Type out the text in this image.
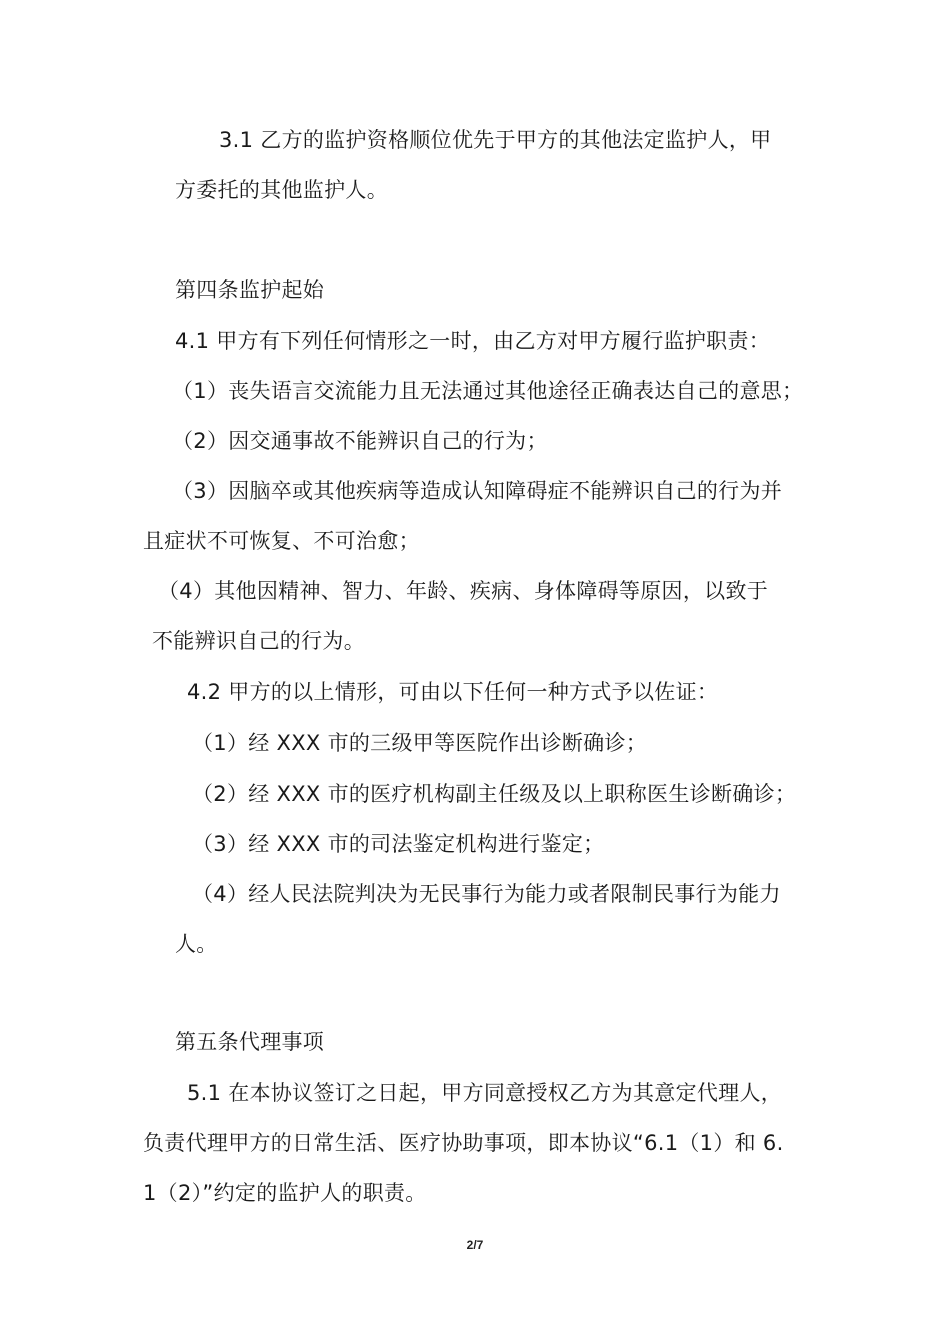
3.1 乙方的监护资格顺位优先于甲方的其他法定监护人，甲
方委托的其他监护人。
第四条监护起始
4.1 甲方有下列任何情形之一时，由乙方对甲方履行监护职责：
（1）丧失语言交流能力且无法通过其他途径正确表达自己的意思；
（2）因交通事故不能辨识自己的行为；
（3）因脑卒或其他疾病等造成认知障碍症不能辨识自己的行为并
且症状不可恢复、不可治愈；
（4）其他因精神、智力、年龄、疾病、身体障碍等原因，以致于
不能辨识自己的行为。
4.2 甲方的以上情形，可由以下任何一种方式予以佐证：
（1）经 XXX 市的三级甲等医院作出诊断确诊；
（2）经 XXX 市的医疗机构副主任级及以上职称医生诊断确诊；
（3）经 XXX 市的司法鉴定机构进行鉴定；
（4）经人民法院判决为无民事行为能力或者限制民事行为能力
人。
第五条代理事项
5.1 在本协议签订之日起，甲方同意授权乙方为其意定代理人，
负责代理甲方的日常生活、医疗协助事项，即本协议“6.1（1）和 6.
1（2）”约定的监护人的职责。
2/7
